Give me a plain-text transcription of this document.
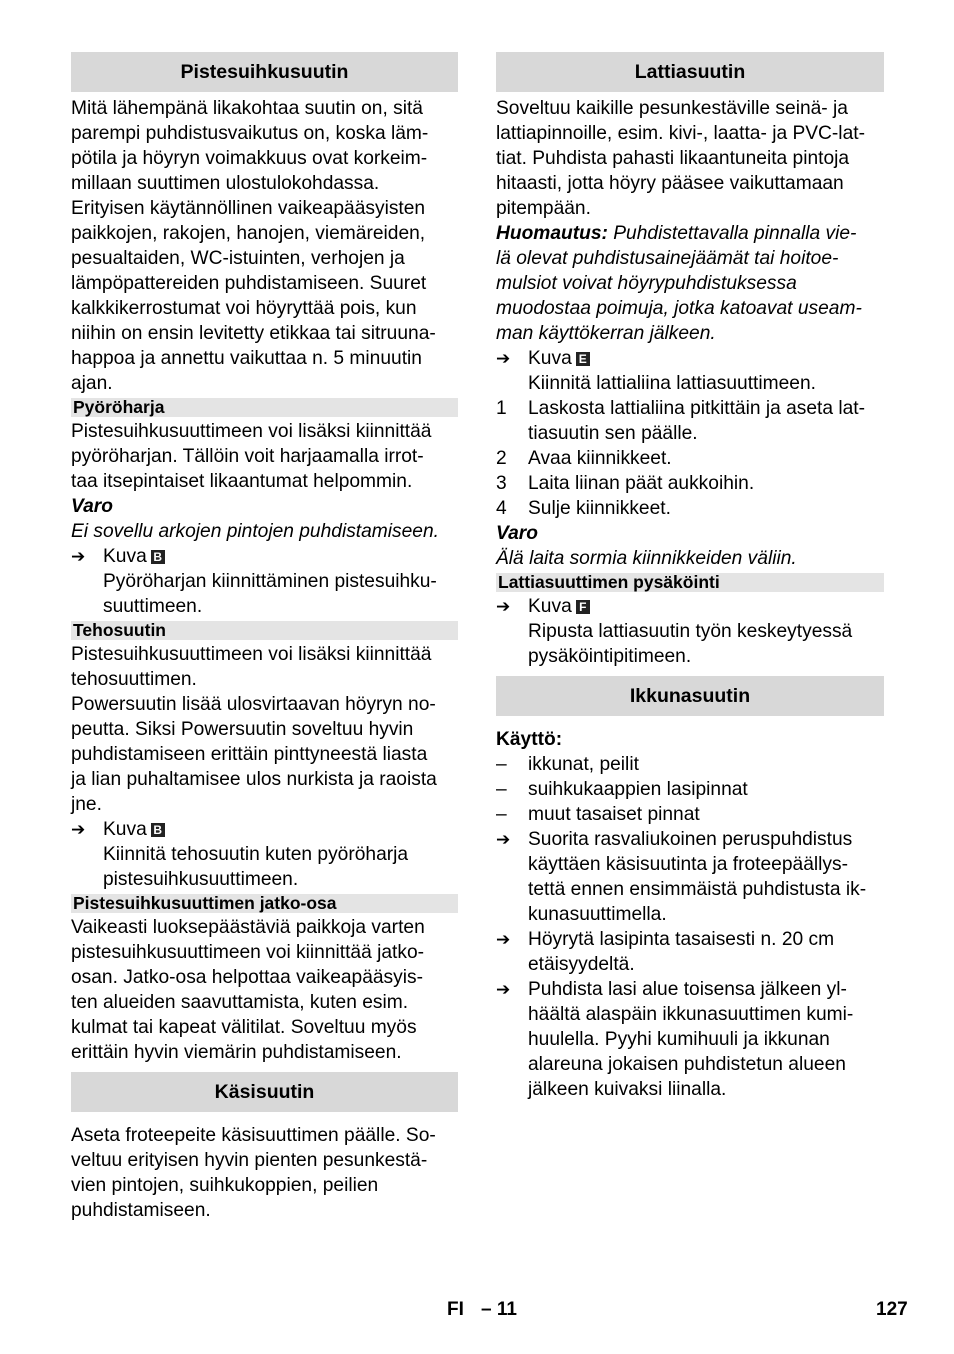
Pistesuihkusuutin
Mitä lähempänä likakohtaa suutin on, sitä
parempi puhdistusvaikutus on, koska läm-
pötila ja höyryn voimakkuus ovat korkeim-
millaan suuttimen ulostulokohdassa.
Erityisen käytännöllinen vaikeapääsyisten
paikkojen, rakojen, hanojen, viemäreiden,
pesualtaiden, WC-istuinten, verhojen ja
lämpöpattereiden puhdistamiseen. Suuret
kalkkikerrostumat voi höyryttää pois, kun
niihin on ensin levitetty etikkaa tai sitruuna-
happoa ja annettu vaikuttaa n. 5 minuutin
ajan.
Pyöröharja
Pistesuihkusuuttimeen voi lisäksi kiinnittää
pyöröharjan. Tällöin voit harjaamalla irrot-
taa itsepintaiset likaantumat helpommin.
Varo
Ei sovellu arkojen pintojen puhdistamiseen.
➔ Kuva B
Pyöröharjan kiinnittäminen pistesuihku-
suuttimeen.
Tehosuutin
Pistesuihkusuuttimeen voi lisäksi kiinnittää
tehosuuttimen.
Powersuutin lisää ulosvirtaavan höyryn no-
peutta. Siksi Powersuutin soveltuu hyvin
puhdistamiseen erittäin pinttyneestä liasta
ja lian puhaltamisee ulos nurkista ja raoista
jne.
➔ Kuva B
Kiinnitä tehosuutin kuten pyöröharja
pistesuihkusuuttimeen.
Pistesuihkusuuttimen jatko-osa
Vaikeasti luoksepäästäviä paikkoja varten
pistesuihkusuuttimeen voi kiinnittää jatko-
osan. Jatko-osa helpottaa vaikeapääsyis-
ten alueiden saavuttamista, kuten esim.
kulmat tai kapeat välitilat. Soveltuu myös
erittäin hyvin viemärin puhdistamiseen.
Käsisuutin
Aseta froteepeite käsisuuttimen päälle. So-
veltuu erityisen hyvin pienten pesunkestä-
vien pintojen, suihkukoppien, peilien
puhdistamiseen.
Lattiasuutin
Soveltuu kaikille pesunkestäville seinä- ja
lattiapinnoille, esim. kivi-, laatta- ja PVC-lat-
tiat. Puhdista pahasti likaantuneita pintoja
hitaasti, jotta höyry pääsee vaikuttamaan
pitempään.
Huomautus: Puhdistettavalla pinnalla vie-
lä olevat puhdistusainejäämät tai hoitoe-
mulsiot voivat höyrypuhdistuksessa
muodostaa poimuja, jotka katoavat useam-
man käyttökerran jälkeen.
➔ Kuva E
Kiinnitä lattialiina lattiasuuttimeen.
1	Laskosta lattialiina pitkittäin ja aseta lat-
tiasuutin sen päälle.
2	Avaa kiinnikkeet.
3	Laita liinan päät aukkoihin.
4	Sulje kiinnikkeet.
Varo
Älä laita sormia kiinnikkeiden väliin.
Lattiasuuttimen pysäköinti
➔ Kuva F
Ripusta lattiasuutin työn keskeytyessä
pysäköintipitimeen.
Ikkunasuutin
Käyttö:
–	ikkunat, peilit
–	suihkukaappien lasipinnat
–	muut tasaiset pinnat
➔ Suorita rasvaliukoinen peruspuhdistus
käyttäen käsisuutinta ja froteepäällys-
tettä ennen ensimmäistä puhdistusta ik-
kunasuuttimella.
➔ Höyrytä lasipinta tasaisesti n. 20 cm
etäisyydeltä.
➔ Puhdista lasi alue toisensa jälkeen yl-
häältä alaspäin ikkunasuuttimen kumi-
huulella. Pyyhi kumihuuli ja ikkunan
alareuna jokaisen puhdistetun alueen
jälkeen kuivaksi liinalla.
FI – 11	127
